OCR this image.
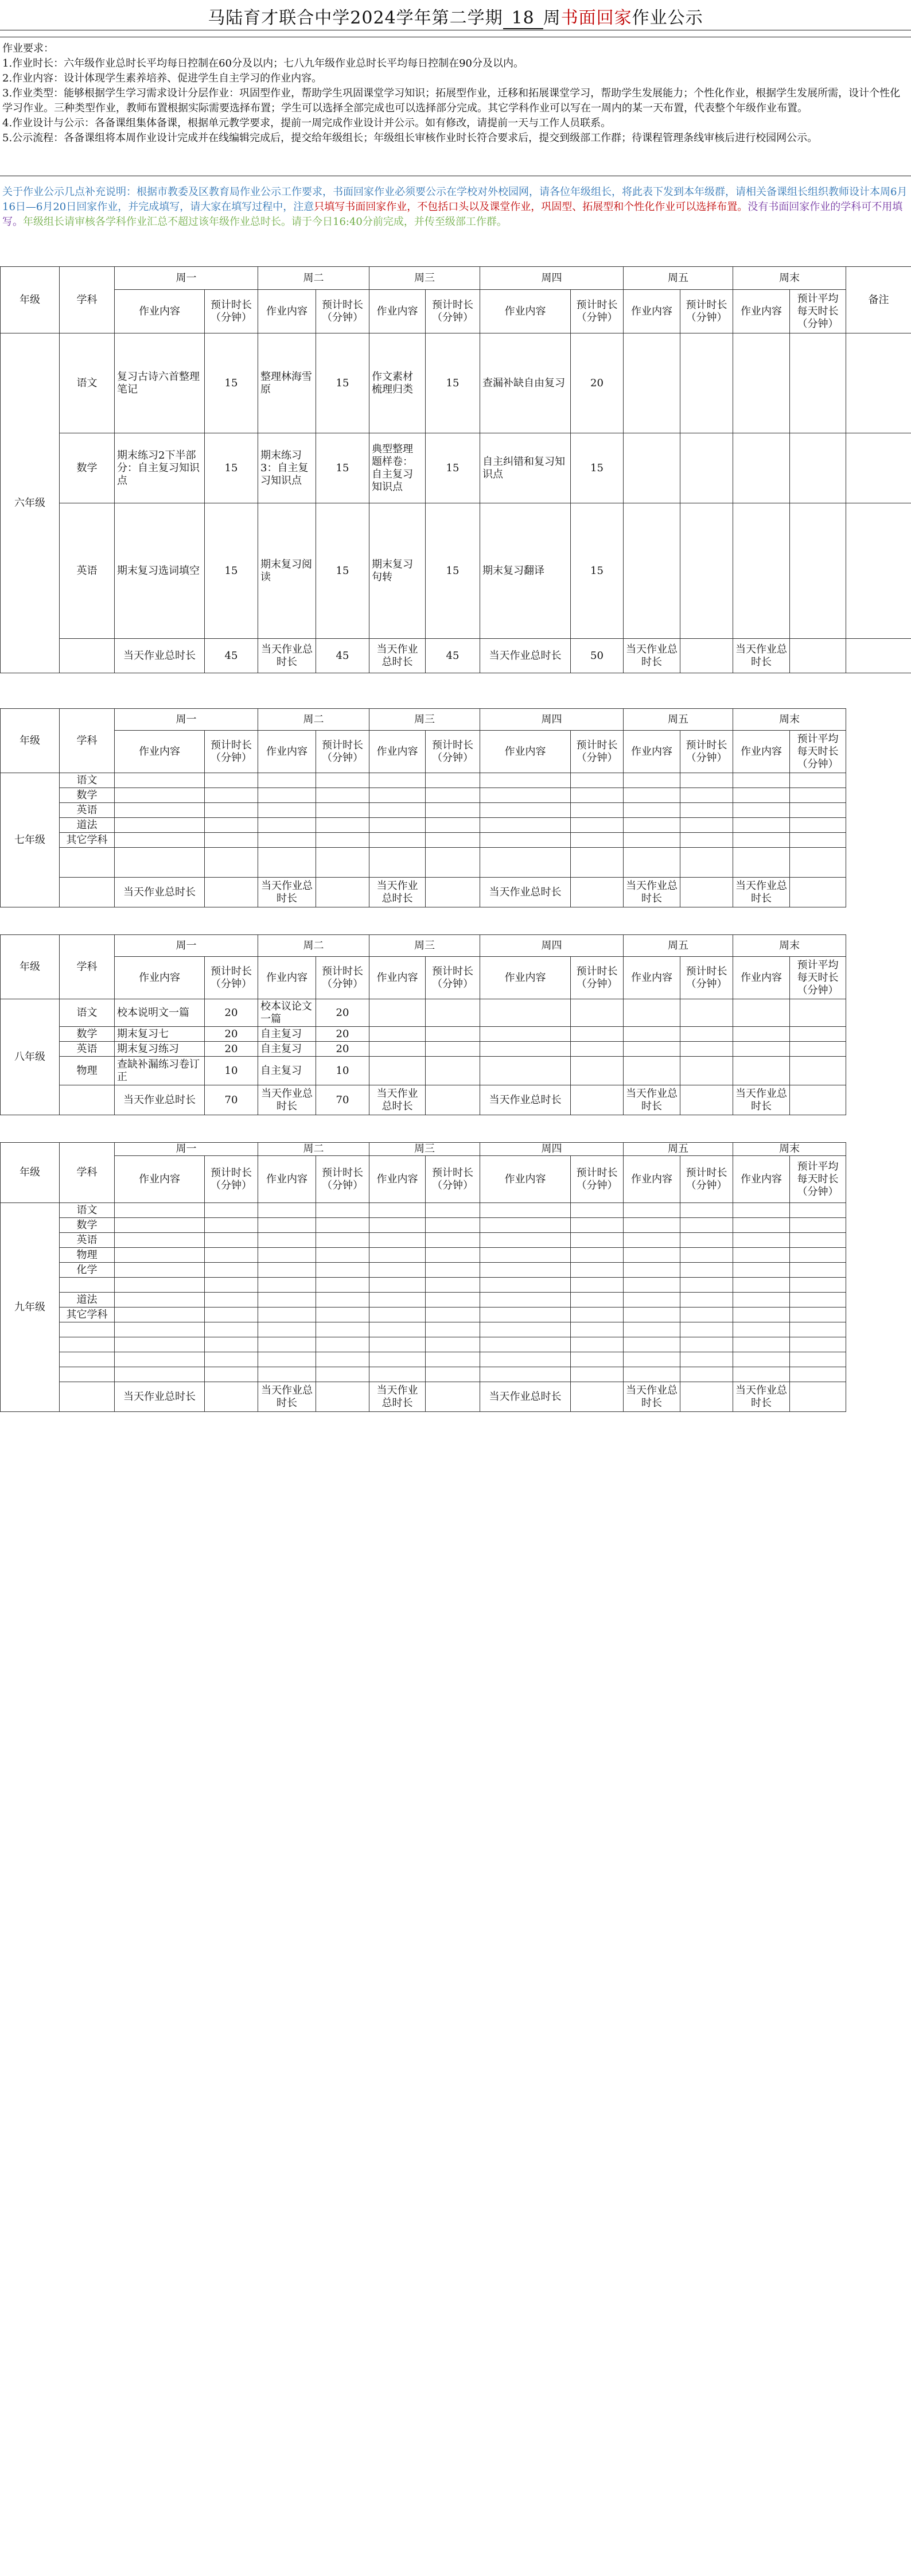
马陆育才联合中学2024学年第二学期 18 周书面回家作业公示

作业要求：

1.作业时长：六年级作业总时长平均每日控制在60分及以内；七八九年级作业总时长平均每日控制在90分及以内。

2.作业内容：设计体现学生素养培养、促进学生自主学习的作业内容。

3.作业类型：能够根据学生学习需求设计分层作业：巩固型作业，帮助学生巩固课堂学习知识；拓展型作业，迁移和拓展课堂学习，帮助学生发展能力；个性化作业，根据学生发展所需，设计个性化学习作业。三种类型作业，教师布置根据实际需要选择布置；学生可以选择全部完成也可以选择部分完成。其它学科作业可以写在一周内的某一天布置，代表整个年级作业布置。

4.作业设计与公示：各备课组集体备课，根据单元教学要求，提前一周完成作业设计并公示。如有修改，请提前一天与工作人员联系。

5.公示流程：各备课组将本周作业设计完成并在线编辑完成后，提交给年级组长；年级组长审核作业时长符合要求后，提交到级部工作群；待课程管理条线审核后进行校园网公示。

关于作业公示几点补充说明：根据市教委及区教育局作业公示工作要求，书面回家作业必须要公示在学校对外校园网，请各位年级组长，将此表下发到本年级群，请相关备课组长组织教师设计本周6月16日—6月20日回家作业，并完成填写，请大家在填写过程中，注意只填写书面回家作业，不包括口头以及课堂作业，巩固型、拓展型和个性化作业可以选择布置。没有书面回家作业的学科可不用填写。年级组长请审核各学科作业汇总不超过该年级作业总时长。请于今日16:40分前完成，并传至级部工作群。
年级	学科	周一		周二		周三		周四		周五		周末		备注
		作业内容	预计时长（分钟）	作业内容	预计时长（分钟）	作业内容	预计时长（分钟）	作业内容	预计时长（分钟）	作业内容	预计时长（分钟）	作业内容	预计平均每天时长（分钟）	
六年级	语文	复习古诗六首整理笔记	15	整理林海雪原	15	作文素材梳理归类	15	查漏补缺自由复习	20					
	数学	期末练习2下半部分：自主复习知识点	15	期末练习3：自主复习知识点	15	典型整理题样卷：自主复习知识点	15	自主纠错和复习知识点	15					
	英语	期末复习选词填空	15	期末复习阅读	15	期末复习句转	15	期末复习翻译	15					
		当天作业总时长	45	当天作业总时长	45	当天作业总时长	45	当天作业总时长	50	当天作业总时长		当天作业总时长		
年级	学科	周一		周二		周三		周四		周五		周末		
		作业内容	预计时长（分钟）	作业内容	预计时长（分钟）	作业内容	预计时长（分钟）	作业内容	预计时长（分钟）	作业内容	预计时长（分钟）	作业内容	预计平均每天时长（分钟）	
七年级	语文													
	数学													
	英语													
	道法													
	其它学科													

		当天作业总时长		当天作业总时长		当天作业总时长		当天作业总时长		当天作业总时长		当天作业总时长		
年级	学科	周一		周二		周三		周四		周五		周末		
		作业内容	预计时长（分钟）	作业内容	预计时长（分钟）	作业内容	预计时长（分钟）	作业内容	预计时长（分钟）	作业内容	预计时长（分钟）	作业内容	预计平均每天时长（分钟）	
八年级	语文	校本说明文一篇	20	校本议论文一篇	20									
	数学	期末复习七	20	自主复习	20									
	英语	期末复习练习	20	自主复习	20									
	物理	查缺补漏练习卷订正	10	自主复习	10									
		当天作业总时长	70	当天作业总时长	70	当天作业总时长		当天作业总时长		当天作业总时长		当天作业总时长		
年级	学科	周一		周二		周三		周四		周五		周末		
		作业内容	预计时长（分钟）	作业内容	预计时长（分钟）	作业内容	预计时长（分钟）	作业内容	预计时长（分钟）	作业内容	预计时长（分钟）	作业内容	预计平均每天时长（分钟）	
九年级	语文													
	数学													
	英语													
	物理													
	化学													

	道法													
	其它学科													

		当天作业总时长		当天作业总时长		当天作业总时长		当天作业总时长		当天作业总时长		当天作业总时长		
